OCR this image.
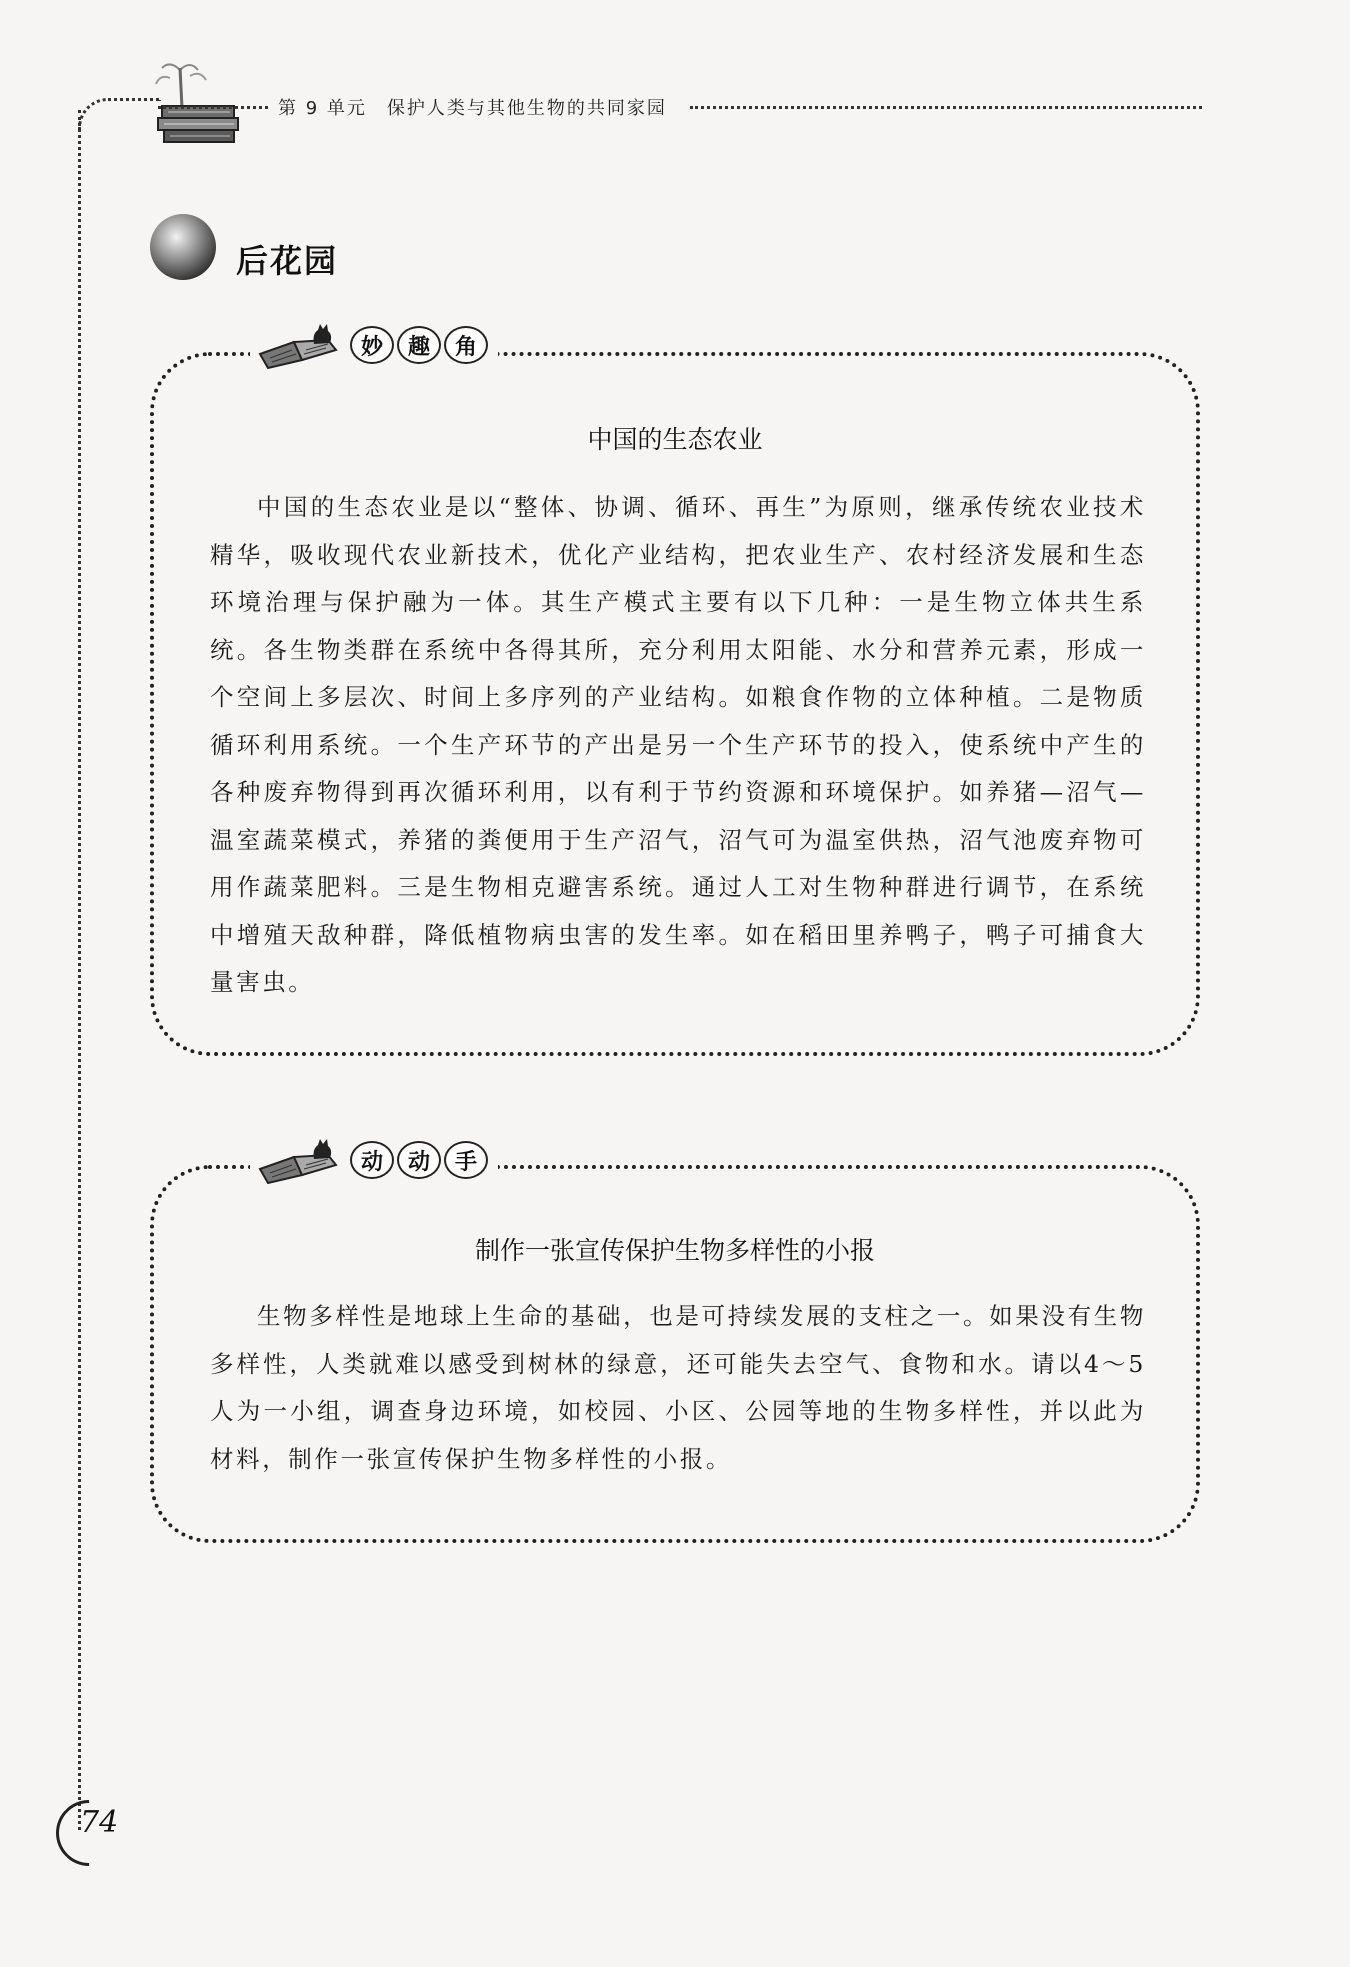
第 9 单元　保护人类与其他生物的共同家园
后花园
中国的生态农业
中国的生态农业是以“整体、协调、循环、再生”为原则，继承传统农业技术精华，吸收现代农业新技术，优化产业结构，把农业生产、农村经济发展和生态环境治理与保护融为一体。其生产模式主要有以下几种：一是生物立体共生系统。各生物类群在系统中各得其所，充分利用太阳能、水分和营养元素，形成一个空间上多层次、时间上多序列的产业结构。如粮食作物的立体种植。二是物质循环利用系统。一个生产环节的产出是另一个生产环节的投入，使系统中产生的各种废弃物得到再次循环利用，以有利于节约资源和环境保护。如养猪—沼气—温室蔬菜模式，养猪的粪便用于生产沼气，沼气可为温室供热，沼气池废弃物可用作蔬菜肥料。三是生物相克避害系统。通过人工对生物种群进行调节，在系统中增殖天敌种群，降低植物病虫害的发生率。如在稻田里养鸭子，鸭子可捕食大量害虫。
妙	趣	角
制作一张宣传保护生物多样性的小报
生物多样性是地球上生命的基础，也是可持续发展的支柱之一。如果没有生物多样性，人类就难以感受到树林的绿意，还可能失去空气、食物和水。请以4～5人为一小组，调查身边环境，如校园、小区、公园等地的生物多样性，并以此为材料，制作一张宣传保护生物多样性的小报。
动	动	手
74
